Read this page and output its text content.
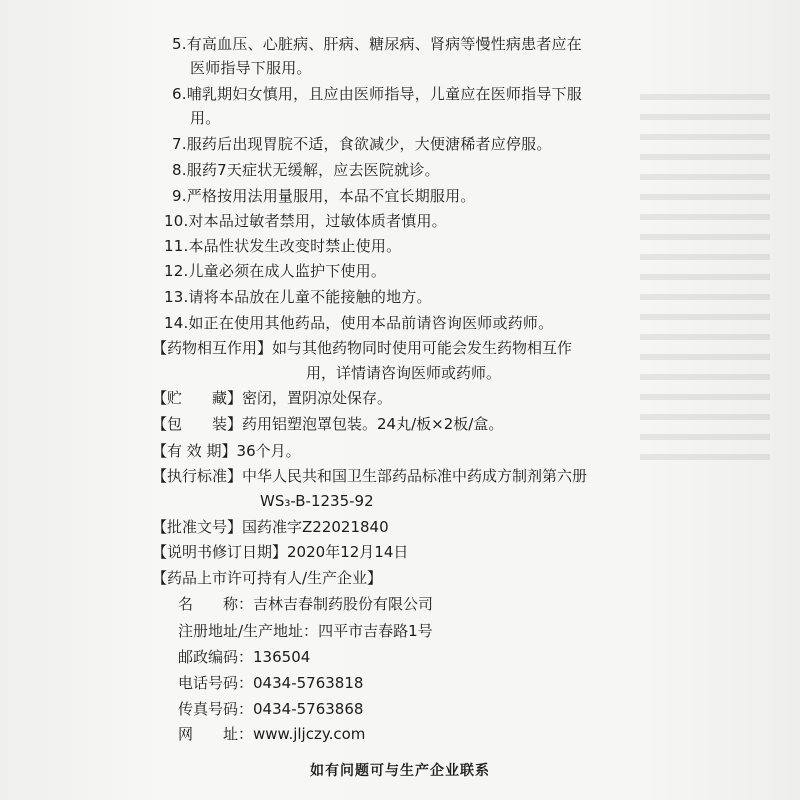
5.有高血压、心脏病、肝病、糖尿病、肾病等慢性病患者应在
医师指导下服用。
6.哺乳期妇女慎用，且应由医师指导，儿童应在医师指导下服
用。
7.服药后出现胃脘不适，食欲减少，大便溏稀者应停服。
8.服药7天症状无缓解，应去医院就诊。
9.严格按用法用量服用，本品不宜长期服用。
10.对本品过敏者禁用，过敏体质者慎用。
11.本品性状发生改变时禁止使用。
12.儿童必须在成人监护下使用。
13.请将本品放在儿童不能接触的地方。
14.如正在使用其他药品，使用本品前请咨询医师或药师。
【药物相互作用】如与其他药物同时使用可能会发生药物相互作
用，详情请咨询医师或药师。
【贮　　藏】密闭，置阴凉处保存。
【包　　装】药用铝塑泡罩包装。24丸/板×2板/盒。
【有 效 期】36个月。
【执行标准】中华人民共和国卫生部药品标准中药成方制剂第六册
WS₃-B-1235-92
【批准文号】国药准字Z22021840
【说明书修订日期】2020年12月14日
【药品上市许可持有人/生产企业】
名　　称：吉林吉春制药股份有限公司
注册地址/生产地址：四平市吉春路1号
邮政编码：136504
电话号码：0434-5763818
传真号码：0434-5763868
网　　址：www.jljczy.com
如有问题可与生产企业联系
